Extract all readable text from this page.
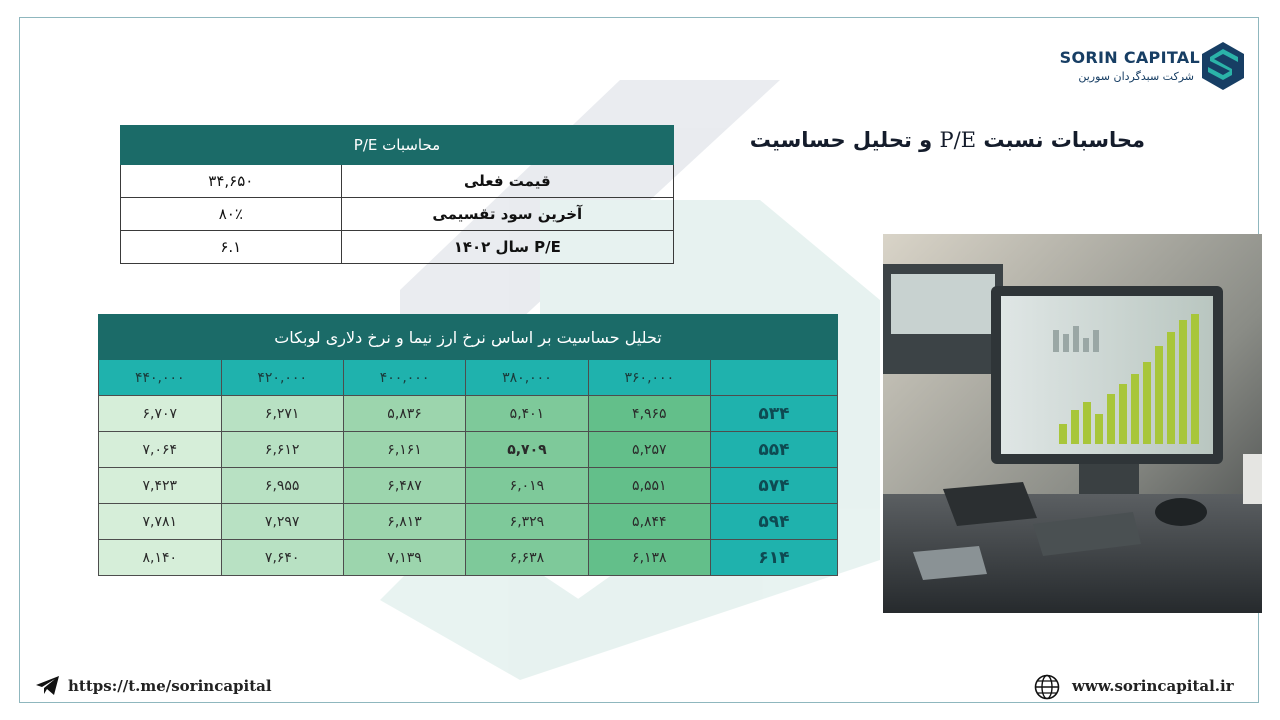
SORIN CAPITAL
شرکت سبدگردان سورین
محاسبات نسبت P/E و تحلیل حساسیت
محاسبات P/E	
قیمت فعلی	۳۴,۶۵۰
آخرین سود تقسیمی	۸۰٪
P/E سال ۱۴۰۲	۶.۱
تحلیل حساسیت بر اساس نرخ ارز نیما و نرخ دلاری لوبکات					
	۳۶۰,۰۰۰	۳۸۰,۰۰۰	۴۰۰,۰۰۰	۴۲۰,۰۰۰	۴۴۰,۰۰۰
۵۳۴	۴,۹۶۵	۵,۴۰۱	۵,۸۳۶	۶,۲۷۱	۶,۷۰۷
۵۵۴	۵,۲۵۷	۵,۷۰۹	۶,۱۶۱	۶,۶۱۲	۷,۰۶۴
۵۷۴	۵,۵۵۱	۶,۰۱۹	۶,۴۸۷	۶,۹۵۵	۷,۴۲۳
۵۹۴	۵,۸۴۴	۶,۳۲۹	۶,۸۱۳	۷,۲۹۷	۷,۷۸۱
۶۱۴	۶,۱۳۸	۶,۶۳۸	۷,۱۳۹	۷,۶۴۰	۸,۱۴۰
https://t.me/sorincapital	www.sorincapital.ir
